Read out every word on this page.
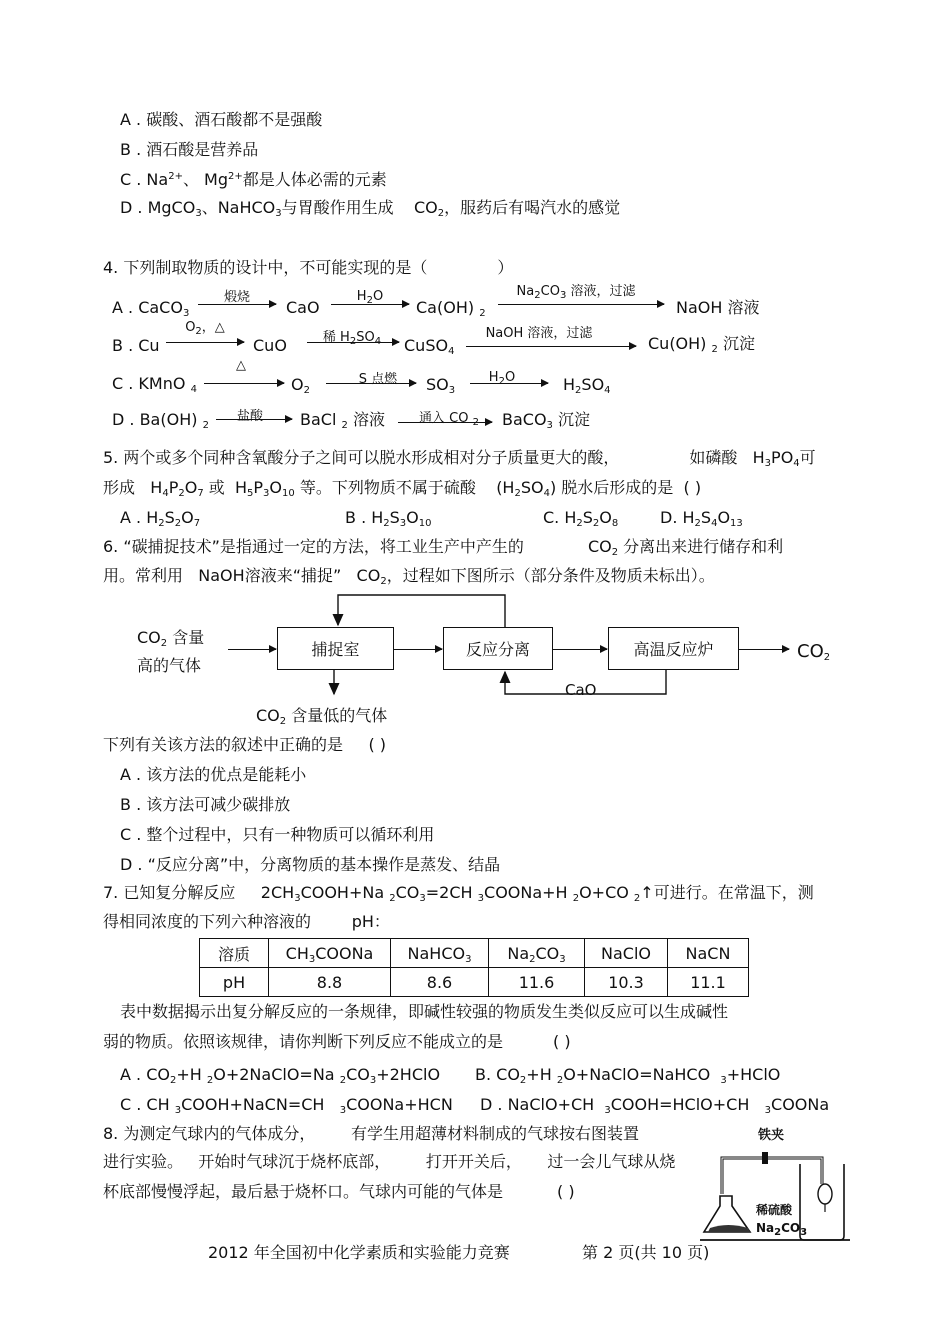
A . 碳酸、酒石酸都不是强酸
B . 酒石酸是营养品
C . $Na^{2+}$、 $Mg^{2+}$都是人体必需的元素
D . MgCO$_3$、NaHCO$_3$与胃酸作用生成 $CO_2$，服药后有喝汽水的感觉
4. 下列制取物质的设计中，不可能实现的是（	）
A . CaCO$_3$
煅烧
CaO
$H_2O$
Ca(OH) $_2$
$Na_2CO_3$ 溶液，过滤
NaOH 溶液
B . Cu
$O_2$，△
CuO	稀 $H_2SO_4$	CuSO$_4$
NaOH 溶液，过滤
Cu(OH) $_2$ 沉淀
C . KMnO $_4$
△
$O_2$
S 点燃	$SO_3$
$H_2O$	$H_2SO_4$
D . Ba(OH) $_2$
盐酸	BaCl $_2$ 溶液	通入 CO $_2$	BaCO$_3$ 沉淀
5. 两个或多个同种含氧酸分子之间可以脱水形成相对分子质量更大的酸，	如磷酸 $H_3PO_4$可
形成 $H_4P_2O_7$ 或 $H_5P_3O_{10}$ 等。下列物质不属于硫酸 $(H_2SO_4)$ 脱水后形成的是 ( )
A . $H_2S_2O_7$	B . $H_2S_3O_{10}$	C. $H_2S_2O_8$	D. $H_2S_4O_{13}$
6. “碳捕捉技术”是指通过一定的方法，将工业生产中产生的	$CO_2$ 分离出来进行储存和利
用。常利用 NaOH溶液来“捕捉” $CO_2$，过程如下图所示（部分条件及物质未标出）。
$CO_2$ 含量
高的气体
捕捉室	反应分离	高温反应炉	$CO_2$
CaO
$CO_2$ 含量低的气体
下列有关该方法的叙述中正确的是 ( )
A . 该方法的优点是能耗小
B . 该方法可减少碳排放
C . 整个过程中，只有一种物质可以循环利用
D . “反应分离”中，分离物质的基本操作是蒸发、结晶
7. 已知复分解反应 $2CH_3COOH+Na$ $_2CO_3=2CH$ $_3$COONa+H $_2$O+CO $_2$↑可进行。在常温下，测
得相同浓度的下列六种溶液的	pH：
溶质	$CH_3COONa$	NaHCO$_3$	$Na_2CO_3$	NaClO	NaCN
pH	8.8	8.6	11.6	10.3	11.1
表中数据揭示出复分解反应的一条规律，即碱性较强的物质发生类似反应可以生成碱性
弱的物质。依照该规律，请你判断下列反应不能成立的是	( )
A . $CO_2+H$ $_2$O+2NaClO=Na $_2CO_3+2HClO$ B. $CO_2+H$ $_2$O+NaClO=NaHCO $_3$+HClO
C . CH $_3$COOH+NaCN=CH $_3$COONa+HCN D . NaClO+CH $_3$COOH=HClO+CH $_3$COONa
8. 为测定气球内的气体成分， 有学生用超薄材料制成的气球按右图装置
进行实验。 开始时气球沉于烧杯底部， 打开开关后， 过一会儿气球从烧
杯底部慢慢浮起，最后悬于烧杯口。气球内可能的气体是	( )
铁夹
稀硫酸
$Na_2CO_3$
2012 年全国初中化学素质和实验能力竞赛	第 2 页(共 10 页)
